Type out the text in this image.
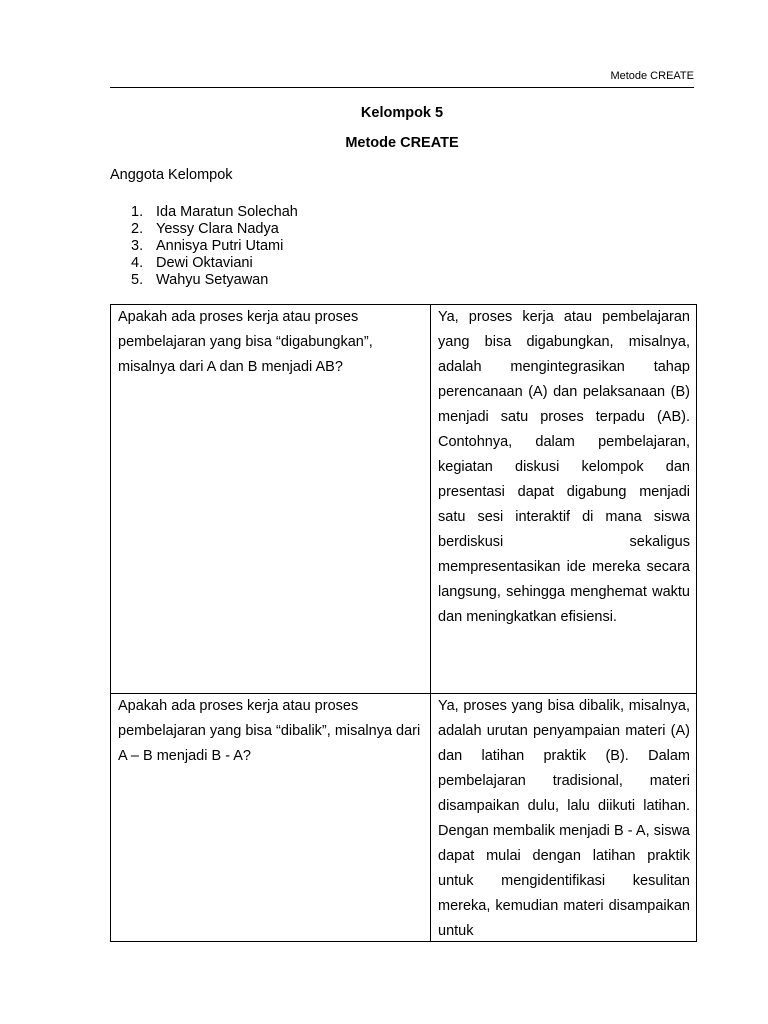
Metode CREATE
Kelompok 5
Metode CREATE
Anggota Kelompok
1. Ida Maratun Solechah
2. Yessy Clara Nadya
3. Annisya Putri Utami
4. Dewi Oktaviani
5. Wahyu Setyawan
Apakah ada proses kerja atau proses pembelajaran yang bisa “digabungkan”, misalnya dari A dan B menjadi AB?	Ya, proses kerja atau pembelajaran yang bisa digabungkan, misalnya, adalah mengintegrasikan tahap perencanaan (A) dan pelaksanaan (B) menjadi satu proses terpadu (AB). Contohnya, dalam pembelajaran, kegiatan diskusi kelompok dan presentasi dapat digabung menjadi satu sesi interaktif di mana siswa berdiskusi sekaligus mempresentasikan ide mereka secara langsung, sehingga menghemat waktu dan meningkatkan efisiensi.

Apakah ada proses kerja atau proses pembelajaran yang bisa “dibalik”, misalnya dari A – B menjadi B - A?	Ya, proses yang bisa dibalik, misalnya, adalah urutan penyampaian materi (A) dan latihan praktik (B). Dalam pembelajaran tradisional, materi disampaikan dulu, lalu diikuti latihan. Dengan membalik menjadi B - A, siswa dapat mulai dengan latihan praktik untuk mengidentifikasi kesulitan mereka, kemudian materi disampaikan untuk
